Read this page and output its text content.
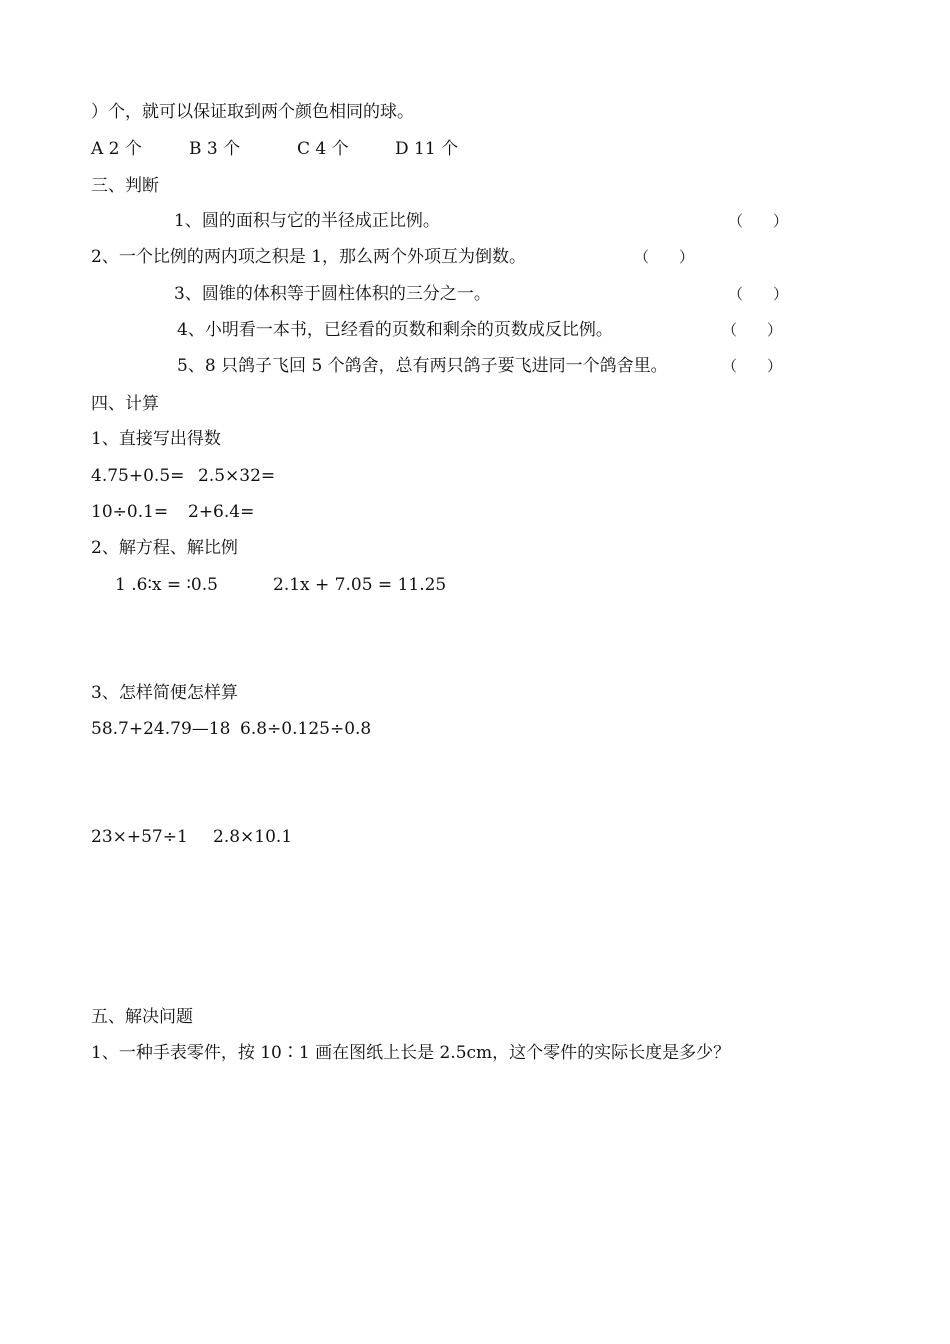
）个，就可以保证取到两个颜色相同的球。
A 2 个	B 3 个	C 4 个	D 11 个
三、判断
1、圆的面积与它的半径成正比例。	（　　）
2、一个比例的两内项之积是 1，那么两个外项互为倒数。	（　　）
3、圆锥的体积等于圆柱体积的三分之一。	（　　）
4、小明看一本书，已经看的页数和剩余的页数成反比例。	（　　）
5、8 只鸽子飞回 5 个鸽舍，总有两只鸽子要飞进同一个鸽舍里。	（　　）
四、计算
1、直接写出得数
4.75+0.5= 2.5×32=
10÷0.1= 2+6.4=
2、解方程、解比例
1 .6∶x = ∶0.5	2.1x + 7.05 = 11.25
3、怎样简便怎样算
58.7+24.79—18 6.8÷0.125÷0.8
23×+57÷1 2.8×10.1
五、解决问题
1、一种手表零件，按 10∶1 画在图纸上长是 2.5cm，这个零件的实际长度是多少？
